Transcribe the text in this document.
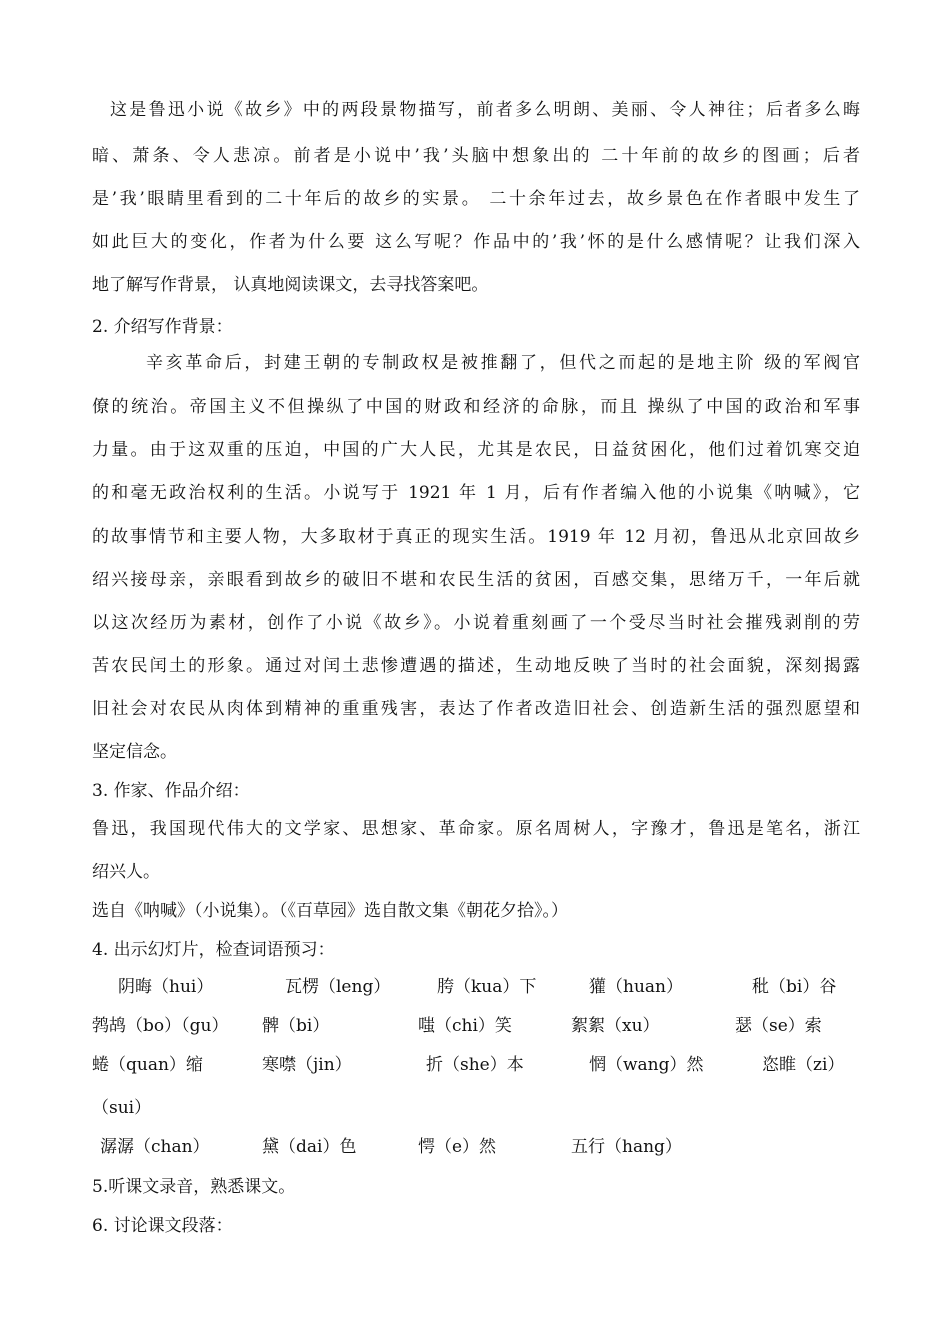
这是鲁迅小说《故乡》中的两段景物描写，前者多么明朗、美丽、令人神往；后者多么晦
暗、萧条、令人悲凉。前者是小说中’我’头脑中想象出的 二十年前的故乡的图画；后者
是’我’眼睛里看到的二十年后的故乡的实景。 二十余年过去，故乡景色在作者眼中发生了
如此巨大的变化，作者为什么要 这么写呢？作品中的’我’怀的是什么感情呢？让我们深入
地了解写作背景， 认真地阅读课文，去寻找答案吧。
2. 介绍写作背景：
辛亥革命后，封建王朝的专制政权是被推翻了，但代之而起的是地主阶 级的军阀官
僚的统治。帝国主义不但操纵了中国的财政和经济的命脉，而且 操纵了中国的政治和军事
力量。由于这双重的压迫，中国的广大人民，尤其是农民，日益贫困化，他们过着饥寒交迫
的和毫无政治权利的生活。小说写于 1921 年 1 月，后有作者编入他的小说集《呐喊》，它
的故事情节和主要人物，大多取材于真正的现实生活。1919 年 12 月初，鲁迅从北京回故乡
绍兴接母亲，亲眼看到故乡的破旧不堪和农民生活的贫困，百感交集，思绪万千，一年后就
以这次经历为素材，创作了小说《故乡》。小说着重刻画了一个受尽当时社会摧残剥削的劳
苦农民闰土的形象。通过对闰土悲惨遭遇的描述，生动地反映了当时的社会面貌，深刻揭露
旧社会对农民从肉体到精神的重重残害，表达了作者改造旧社会、创造新生活的强烈愿望和
坚定信念。
3. 作家、作品介绍：
鲁迅，我国现代伟大的文学家、思想家、革命家。原名周树人，字豫才，鲁迅是笔名，浙江
绍兴人。
选自《呐喊》（小说集）。（《百草园》选自散文集《朝花夕拾》。）
4. 出示幻灯片，检查词语预习：
阴晦（hui）	瓦楞（leng）	胯（kua）下	獾（huan）	秕（bi）谷
鹁鸪（bo）（gu） 髀（bi）	嗤（chi）笑	絮絮（xu）	瑟（se）索
蜷（quan）缩	寒噤（jin）	折（she）本	惘（wang）然	恣睢（zi）
（sui）
潺潺（chan）	黛（dai）色	愕（e）然	五行（hang）
5.听课文录音，熟悉课文。
6. 讨论课文段落：
